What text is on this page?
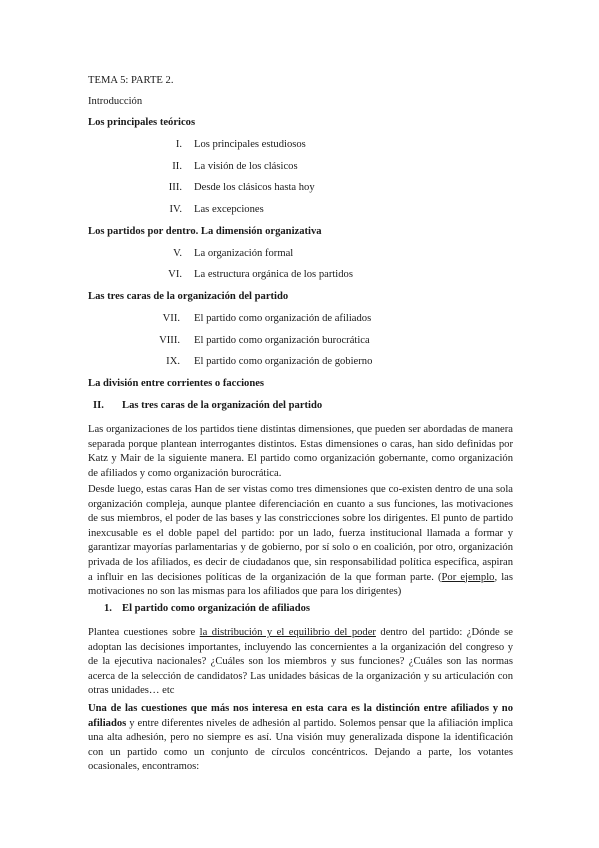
TEMA 5: PARTE 2.
Introducción
Los principales teóricos
I. Los principales estudiosos
II. La visión de los clásicos
III. Desde los clásicos hasta hoy
IV. Las excepciones
Los partidos por dentro. La dimensión organizativa
V. La organización formal
VI. La estructura orgánica de los partidos
Las tres caras de la organización del partido
VII. El partido como organización de afiliados
VIII. El partido como organización burocrática
IX. El partido como organización de gobierno
La división entre corrientes o facciones
II. Las tres caras de la organización del partido

Las organizaciones de los partidos tiene distintas dimensiones, que pueden ser abordadas de manera separada porque plantean interrogantes distintos. Estas dimensiones o caras, han sido definidas por Katz y Mair de la siguiente manera. El partido como organización gobernante, como organización de afiliados y como organización burocrática.

Desde luego, estas caras Han de ser vistas como tres dimensiones que co-existen dentro de una sola organización compleja, aunque plantee diferenciación en cuanto a sus funciones, las motivaciones de sus miembros, el poder de las bases y las constricciones sobre los dirigentes. El punto de partido inexcusable es el doble papel del partido: por un lado, fuerza institucional llamada a formar y garantizar mayorías parlamentarias y de gobierno, por sí solo o en coalición, por otro, organización privada de los afiliados, es decir de ciudadanos que, sin responsabilidad política específica, aspiran a influir en las decisiones políticas de la organización de la que forman parte. (Por ejemplo, las motivaciones no son las mismas para los afiliados que para los dirigentes)

1. El partido como organización de afiliados

Plantea cuestiones sobre la distribución y el equilibrio del poder dentro del partido: ¿Dónde se adoptan las decisiones importantes, incluyendo las concernientes a la organización del congreso y de la ejecutiva nacionales? ¿Cuáles son los miembros y sus funciones? ¿Cuáles son las normas acerca de la selección de candidatos? Las unidades básicas de la organización y su articulación con otras unidades… etc

Una de las cuestiones que más nos interesa en esta cara es la distinción entre afiliados y no afiliados y entre diferentes niveles de adhesión al partido. Solemos pensar que la afiliación implica una alta adhesión, pero no siempre es así. Una visión muy generalizada dispone la identificación con un partido como un conjunto de círculos concéntricos. Dejando a parte, los votantes ocasionales, encontramos:
